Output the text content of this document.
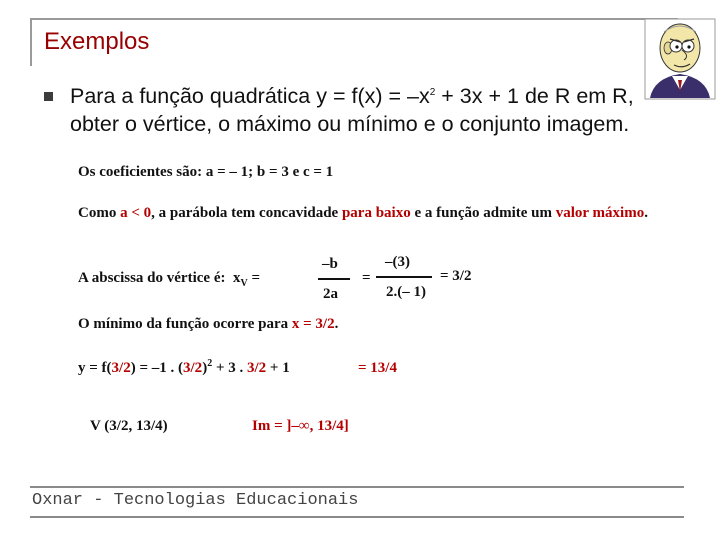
Exemplos
Para a função quadrática $y = f(x) = -x^2 + 3x + 1$ de R em R, obter o vértice, o máximo ou mínimo e o conjunto imagem.
Os coeficientes são: a = – 1; b = 3 e c = 1
Como a < 0, a parábola tem concavidade para baixo e a função admite um valor máximo.
A abscissa do vértice é: $x_V$ =
–b
2a
=
–(3)
2.(– 1)
= 3/2
O mínimo da função ocorre para x = 3/2.
y = f(3/2) = –1 . $(3/2)^2 + 3$ . 3/2 + 1	= 13/4
V (3/2, 13/4)	Im = ]–∞, 13/4]
Oxnar - Tecnologias Educacionais
